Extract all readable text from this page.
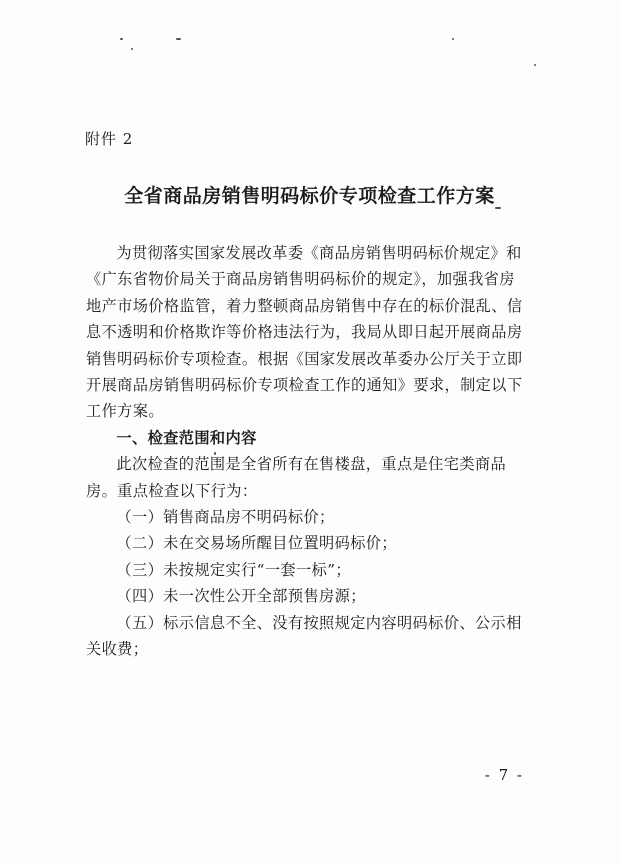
附件 2
全省商品房销售明码标价专项检查工作方案

为贯彻落实国家发展改革委《商品房销售明码标价规定》和《广东省物价局关于商品房销售明码标价的规定》，加强我省房地产市场价格监管，着力整顿商品房销售中存在的标价混乱、信息不透明和价格欺诈等价格违法行为，我局从即日起开展商品房销售明码标价专项检查。根据《国家发展改革委办公厅关于立即开展商品房销售明码标价专项检查工作的通知》要求，制定以下工作方案。

一、检查范围和内容

此次检查的范围是全省所有在售楼盘，重点是住宅类商品房。重点检查以下行为：

（一）销售商品房不明码标价；

（二）未在交易场所醒目位置明码标价；

（三）未按规定实行“一套一标”；

（四）未一次性公开全部预售房源；

（五）标示信息不全、没有按照规定内容明码标价、公示相关收费；

- 7 -
